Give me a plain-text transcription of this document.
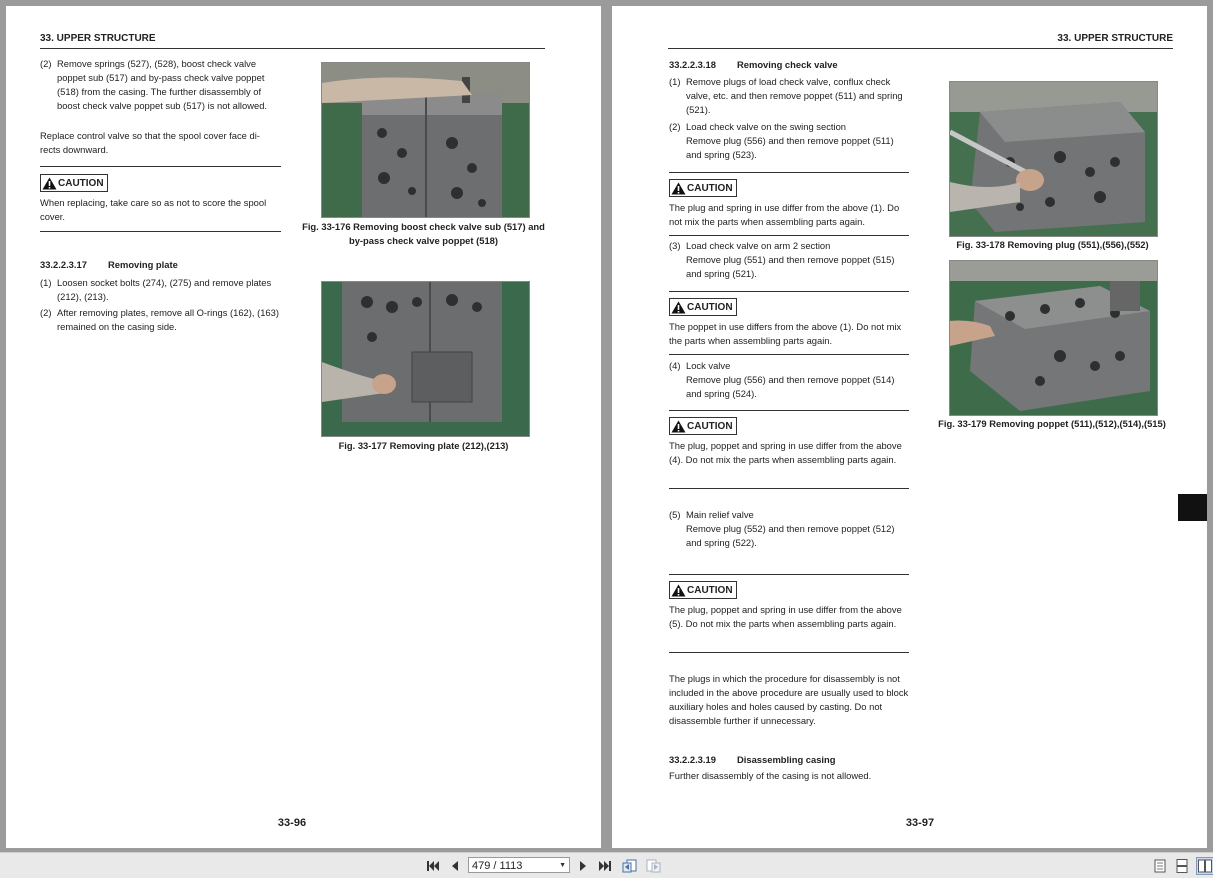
33. UPPER STRUCTURE
(2) Remove springs (527), (528), boost check valve poppet sub (517) and by-pass check valve poppet (518) from the casing. The further disassembly of boost check valve poppet sub (517) is not allowed.
Replace control valve so that the spool cover face di-rects downward.
CAUTION
When replacing, take care so as not to score the spool cover.
33.2.2.3.17 Removing plate
(1) Loosen socket bolts (274), (275) and remove plates (212), (213).
(2) After removing plates, remove all O-rings (162), (163) remained on the casing side.
Fig. 33-176 Removing boost check valve sub (517) and by-pass check valve poppet (518)
Fig. 33-177 Removing plate (212),(213)
33-96
33. UPPER STRUCTURE
33.2.2.3.18 Removing check valve
(1) Remove plugs of load check valve, conflux check valve, etc. and then remove poppet (511) and spring (521).
(2) Load check valve on the swing section
Remove plug (556) and then remove poppet (511) and spring (523).
CAUTION
The plug and spring in use differ from the above (1). Do not mix the parts when assembling parts again.
(3) Load check valve on arm 2 section
Remove plug (551) and then remove poppet (515) and spring (521).
CAUTION
The poppet in use differs from the above (1). Do not mix the parts when assembling parts again.
(4) Lock valve
Remove plug (556) and then remove poppet (514) and spring (524).
CAUTION
The plug, poppet and spring in use differ from the above (4). Do not mix the parts when assembling parts again.
(5) Main relief valve
Remove plug (552) and then remove poppet (512) and spring (522).
CAUTION
The plug, poppet and spring in use differ from the above (5). Do not mix the parts when assembling parts again.
The plugs in which the procedure for disassembly is not included in the above procedure are usually used to block auxiliary holes and holes caused by casting. Do not disassemble further if unnecessary.
33.2.2.3.19 Disassembling casing
Further disassembly of the casing is not allowed.
Fig. 33-178 Removing plug (551),(556),(552)
Fig. 33-179 Removing poppet (511),(512),(514),(515)
33-97
479 / 1113	▼
